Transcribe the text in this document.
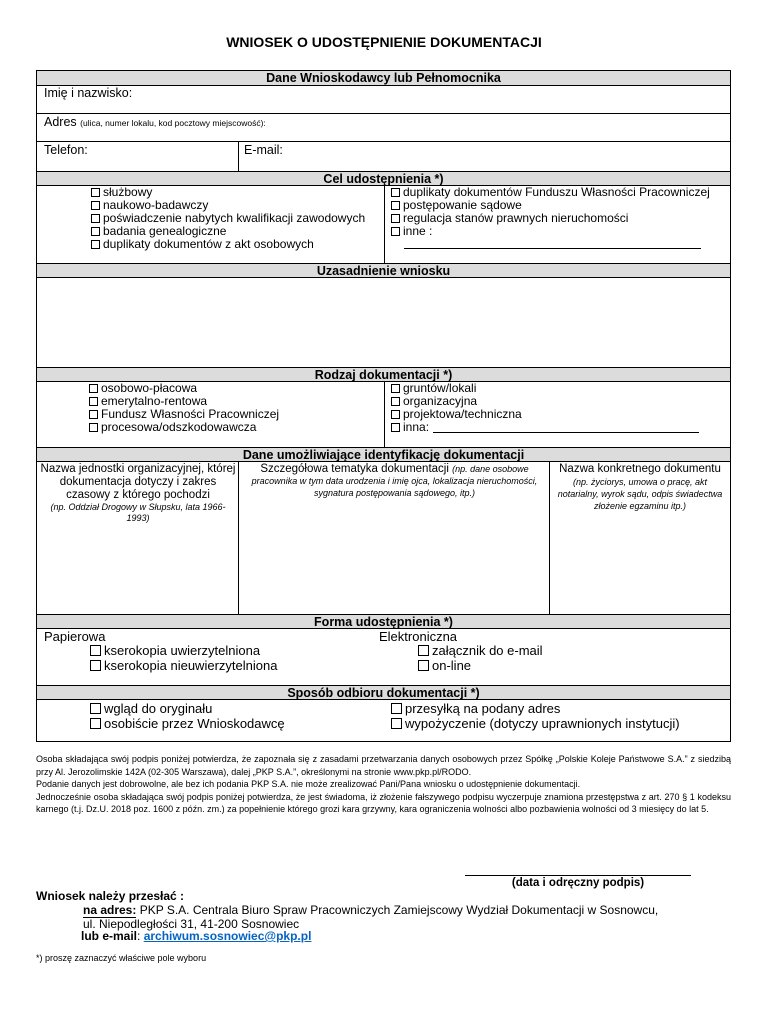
WNIOSEK O UDOSTĘPNIENIE DOKUMENTACJI
Dane Wnioskodawcy lub Pełnomocnika
Imię i nazwisko:
Adres (ulica, numer lokalu, kod pocztowy miejscowość):
Telefon:	E-mail:
Cel udostępnienia *)
służbowy
naukowo-badawczy
poświadczenie nabytych kwalifikacji zawodowych
badania genealogiczne
duplikaty dokumentów z akt osobowych
duplikaty dokumentów Funduszu Własności Pracowniczej
postępowanie sądowe
regulacja stanów prawnych nieruchomości
inne :
Uzasadnienie wniosku
Rodzaj dokumentacji *)
osobowo-płacowa
emerytalno-rentowa
Fundusz Własności Pracowniczej
procesowa/odszkodowawcza
gruntów/lokali
organizacyjna
projektowa/techniczna
inna:
Dane umożliwiające identyfikację dokumentacji
Nazwa jednostki organizacyjnej, której dokumentacja dotyczy i zakres czasowy z którego pochodzi
(np. Oddział Drogowy w Słupsku, lata 1966-1993)
Szczegółowa tematyka dokumentacji (np. dane osobowe pracownika w tym data urodzenia i imię ojca, lokalizacja nieruchomości, sygnatura postępowania sądowego, itp.)
Nazwa konkretnego dokumentu
(np. życiorys, umowa o pracę, akt notarialny, wyrok sądu, odpis świadectwa złożenie egzaminu itp.)
Forma udostępnienia *)
Papierowa	Elektroniczna
kserokopia uwierzytelniona
kserokopia nieuwierzytelniona
załącznik do e-mail
on-line
Sposób odbioru dokumentacji *)
wgląd do oryginału
osobiście przez Wnioskodawcę
przesyłką na podany adres
wypożyczenie (dotyczy uprawnionych instytucji)
Osoba składająca swój podpis poniżej potwierdza, że zapoznała się z zasadami przetwarzania danych osobowych przez Spółkę „Polskie Koleje Państwowe S.A.” z siedzibą przy Al. Jerozolimskie 142A (02-305 Warszawa), dalej „PKP S.A.”, określonymi na stronie www.pkp.pl/RODO.
Podanie danych jest dobrowolne, ale bez ich podania PKP S.A. nie może zrealizować Pani/Pana wniosku o udostępnienie dokumentacji.
Jednocześnie osoba składająca swój podpis poniżej potwierdza, że jest świadoma, iż złożenie fałszywego podpisu wyczerpuje znamiona przestępstwa z art. 270 § 1 kodeksu karnego (t.j. Dz.U. 2018 poz. 1600 z późn. zm.) za popełnienie którego grozi kara grzywny, kara ograniczenia wolności albo pozbawienia wolności od 3 miesięcy do lat 5.
(data i odręczny podpis)
Wniosek należy przesłać :
na adres: PKP S.A. Centrala Biuro Spraw Pracowniczych Zamiejscowy Wydział Dokumentacji w Sosnowcu,
ul. Niepodległości 31, 41-200 Sosnowiec
lub e-mail: archiwum.sosnowiec@pkp.pl
*) proszę zaznaczyć właściwe pole wyboru
